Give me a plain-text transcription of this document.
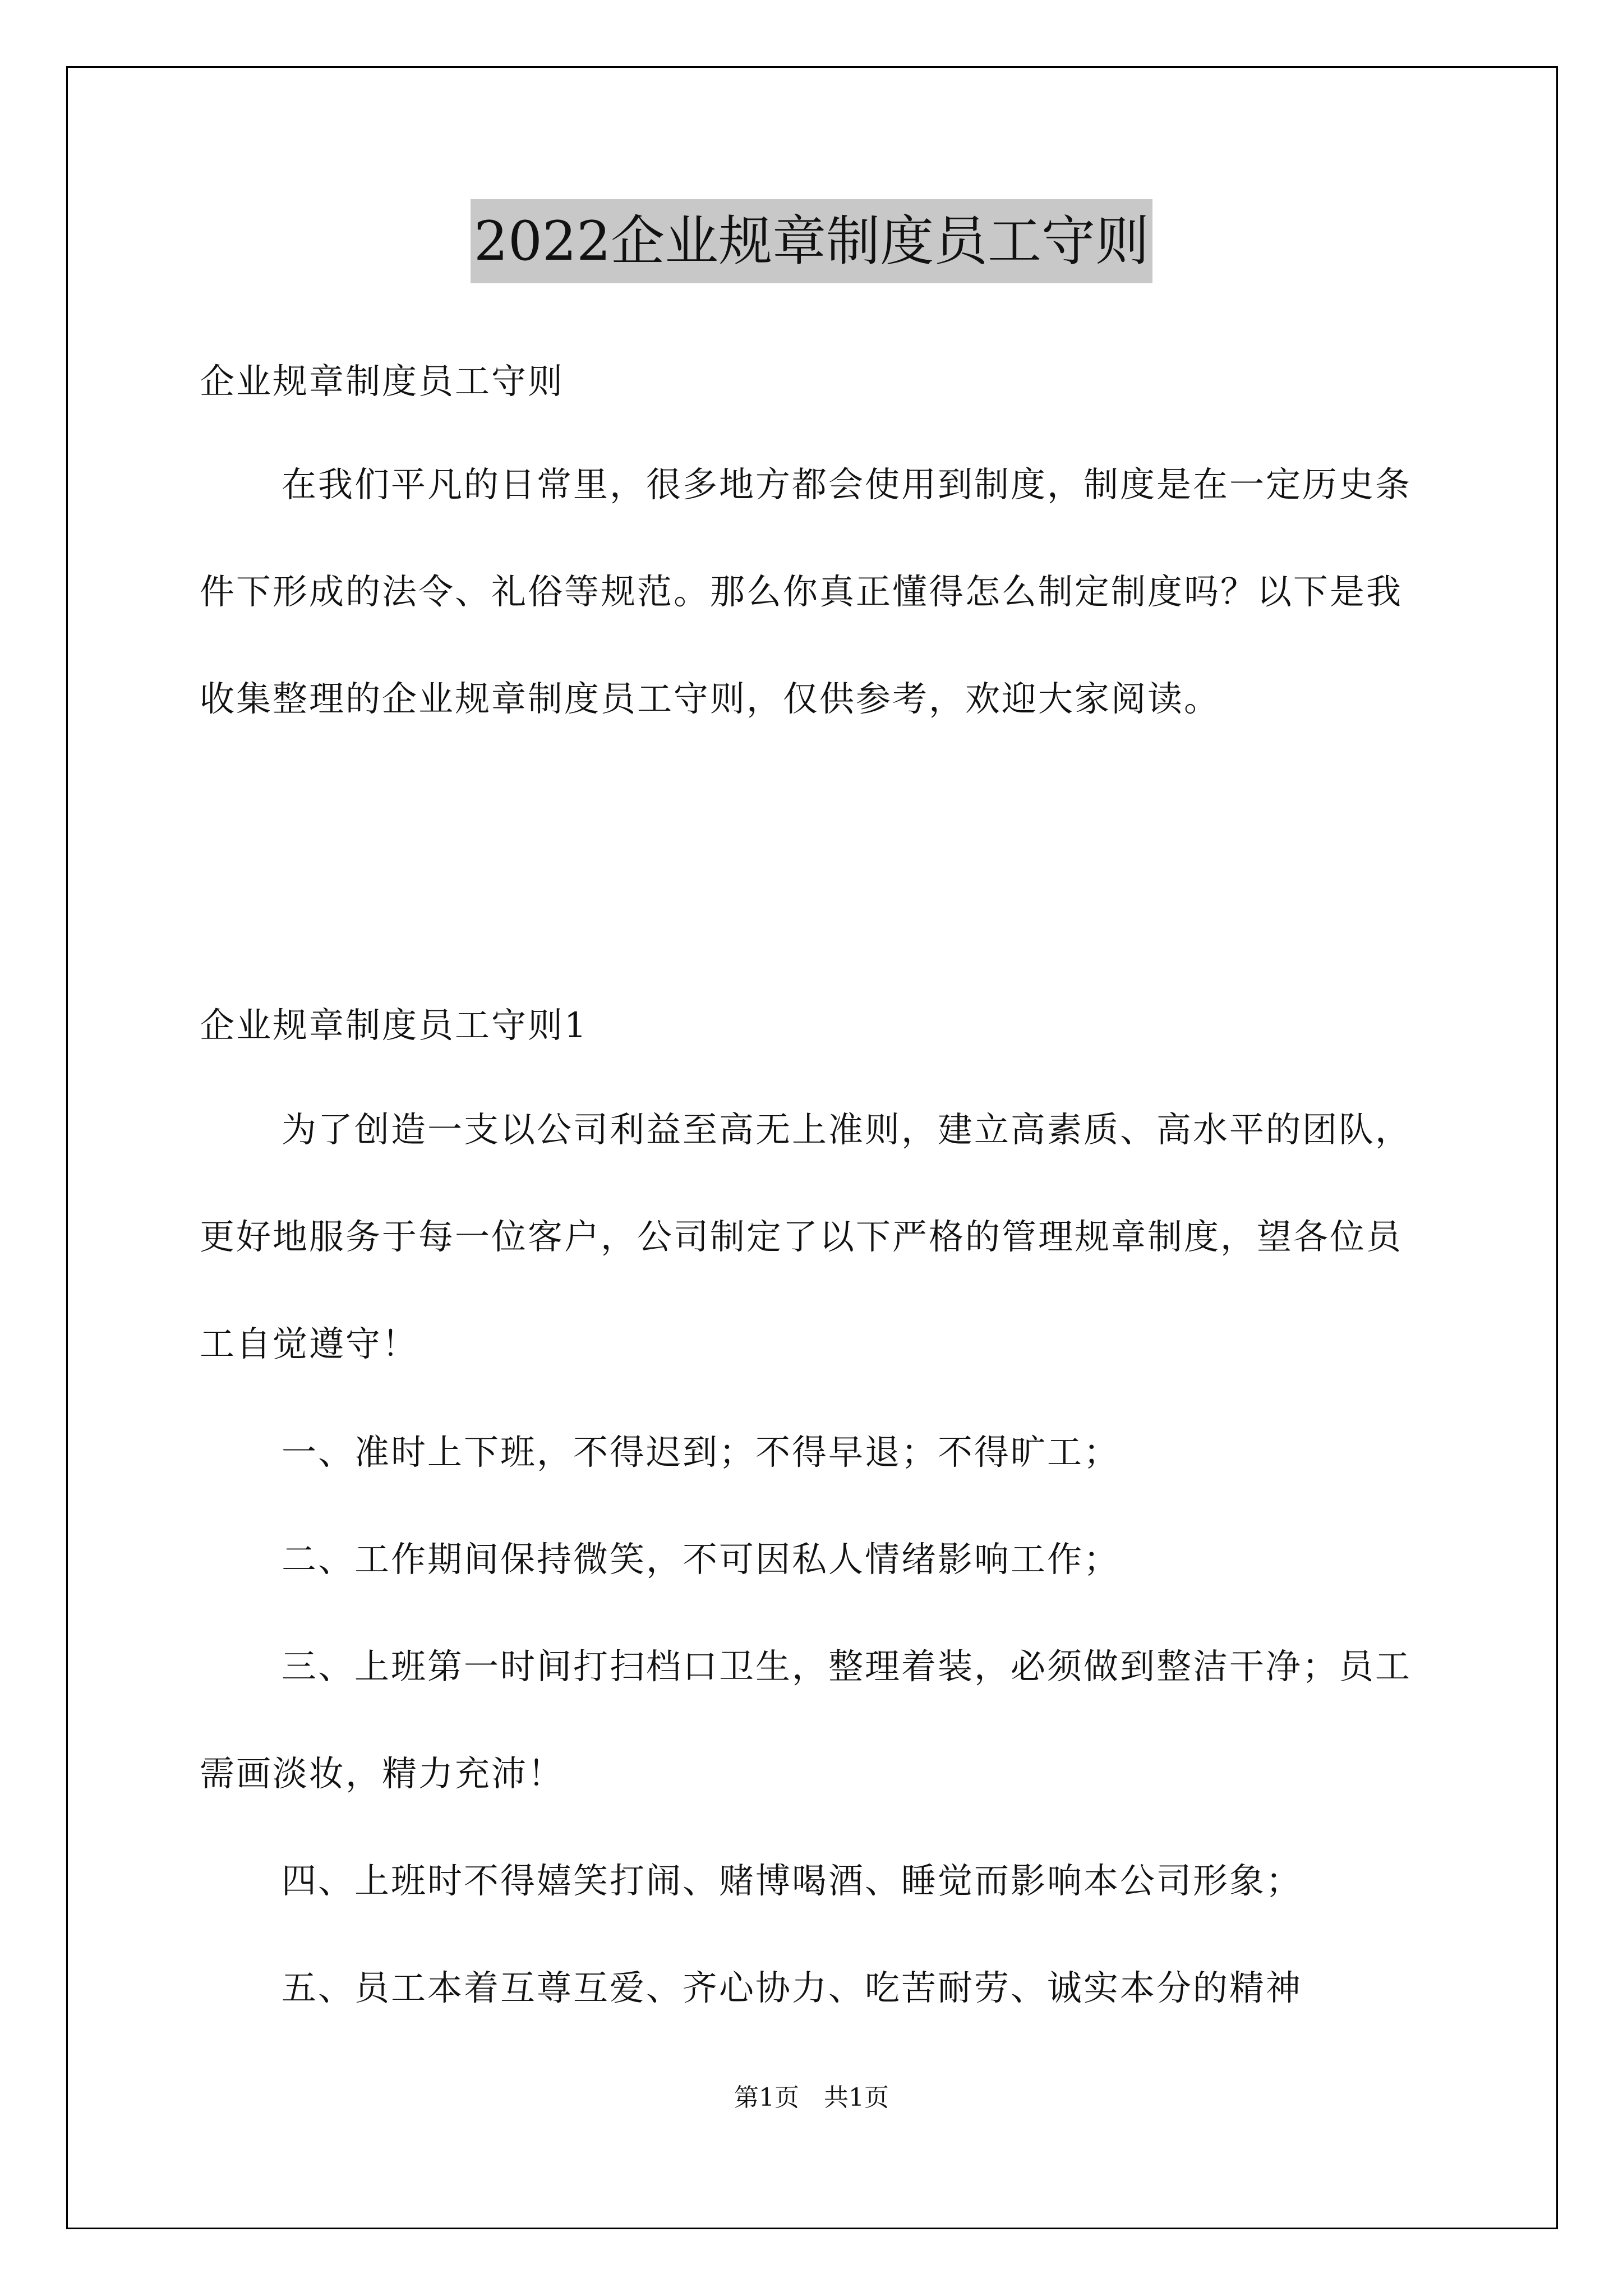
2022企业规章制度员工守则

企业规章制度员工守则

在我们平凡的日常里，很多地方都会使用到制度，制度是在一定历史条件下形成的法令、礼俗等规范。那么你真正懂得怎么制定制度吗？以下是我收集整理的企业规章制度员工守则，仅供参考，欢迎大家阅读。

企业规章制度员工守则1

为了创造一支以公司利益至高无上准则，建立高素质、高水平的团队，更好地服务于每一位客户，公司制定了以下严格的管理规章制度，望各位员工自觉遵守！

一、准时上下班，不得迟到；不得早退；不得旷工；

二、工作期间保持微笑，不可因私人情绪影响工作；

三、上班第一时间打扫档口卫生，整理着装，必须做到整洁干净；员工需画淡妆，精力充沛！

四、上班时不得嬉笑打闹、赌博喝酒、睡觉而影响本公司形象；

五、员工本着互尊互爱、齐心协力、吃苦耐劳、诚实本分的精神

第1页　共1页
